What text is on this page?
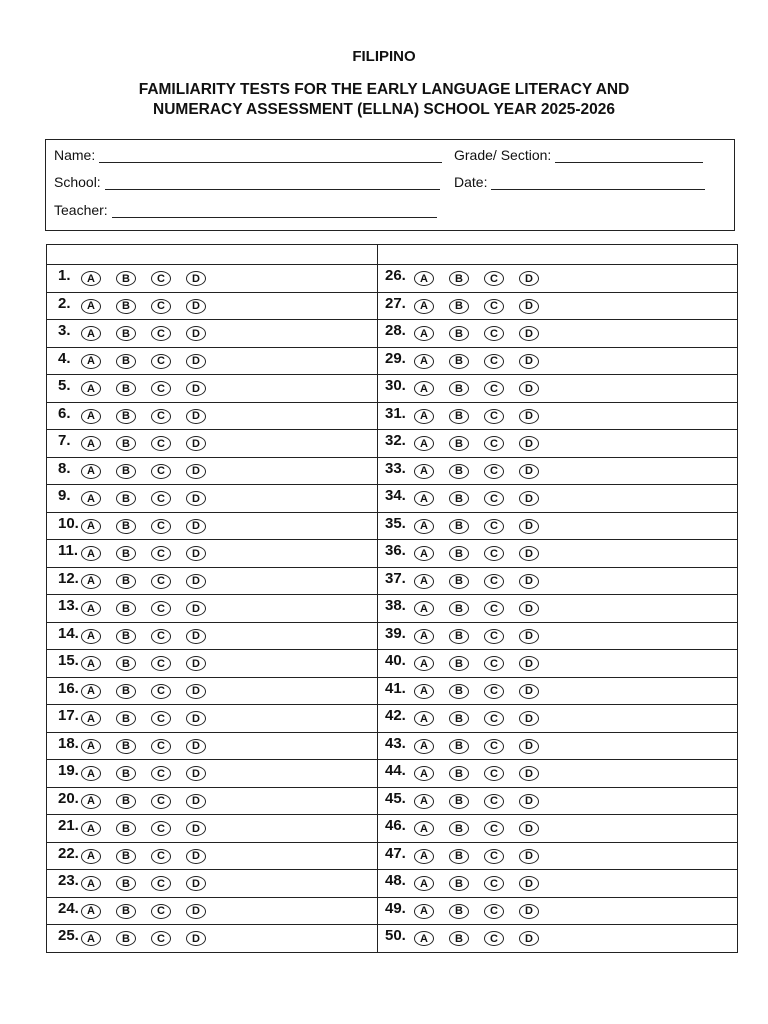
FILIPINO
FAMILIARITY TESTS FOR THE EARLY LANGUAGE LITERACY AND
NUMERACY ASSESSMENT (ELLNA) SCHOOL YEAR 2025-2026
Name:	Grade/ Section:
School:	Date:
Teacher:

1. A B C D	26. A B C D

2. A B C D	27. A B C D

3. A B C D	28. A B C D

4. A B C D	29. A B C D

5. A B C D	30. A B C D

6. A B C D	31. A B C D

7. A B C D	32. A B C D

8. A B C D	33. A B C D

9. A B C D	34. A B C D

10. A B C D	35. A B C D

11. A B C D	36. A B C D

12. A B C D	37. A B C D

13. A B C D	38. A B C D

14. A B C D	39. A B C D

15. A B C D	40. A B C D

16. A B C D	41. A B C D

17. A B C D	42. A B C D

18. A B C D	43. A B C D

19. A B C D	44. A B C D

20. A B C D	45. A B C D

21. A B C D	46. A B C D

22. A B C D	47. A B C D

23. A B C D	48. A B C D

24. A B C D	49. A B C D

25. A B C D	50. A B C D
